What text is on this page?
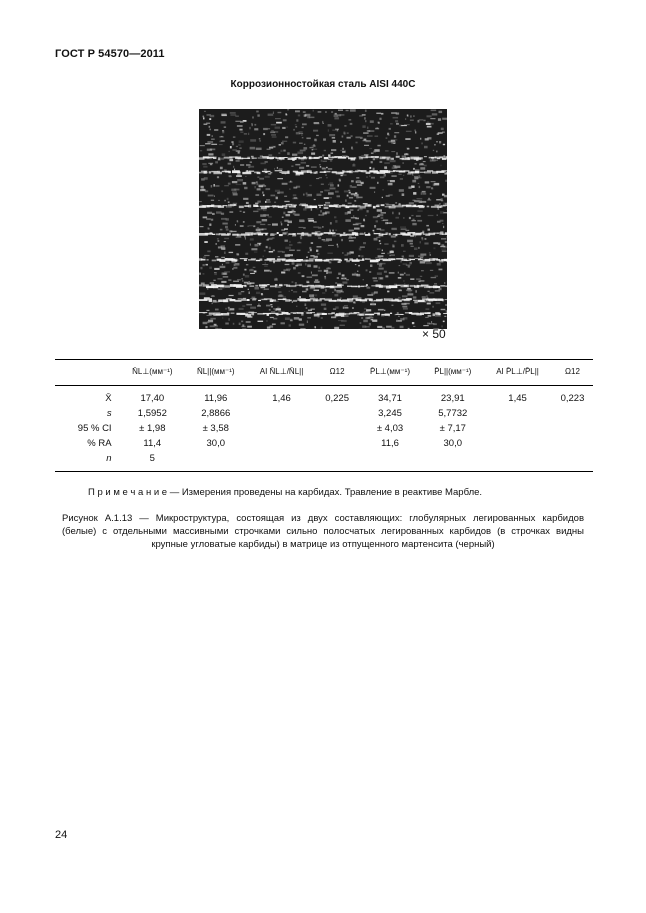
ГОСТ Р 54570—2011
Коррозионностойкая сталь AISI 440C
× 50
	N̄L⊥(мм⁻¹)	N̄L||(мм⁻¹)	AI N̄L⊥/N̄L||	Ω12	P̄L⊥(мм⁻¹)	P̄L||(мм⁻¹)	AI P̄L⊥/P̄L||	Ω12
X̄	17,40	11,96	1,46	0,225	34,71	23,91	1,45	0,223
s	1,5952	2,8866			3,245	5,7732		
95 % CI	± 1,98	± 3,58			± 4,03	± 7,17		
% RA	11,4	30,0			11,6	30,0		
n	5							
П р и м е ч а н и е — Измерения проведены на карбидах. Травление в реактиве Марбле.
Рисунок А.1.13 — Микроструктура, состоящая из двух составляющих: глобулярных легированных карбидов
(белые) с отдельными массивными строчками сильно полосчатых легированных карбидов (в строчках видны
крупные угловатые карбиды) в матрице из отпущенного мартенсита (черный)
24
